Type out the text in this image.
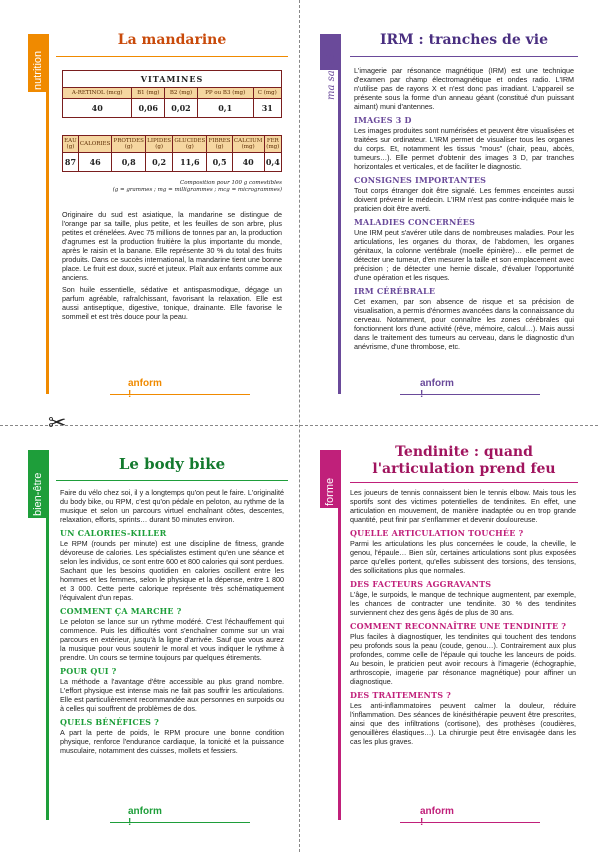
✂
nutrition
La mandarine
VITAMINES				
A-RETINOL (mcg)	B1 (mg)	B2 (mg)	PP ou B3 (mg)	C (mg)
40	0,06	0,02	0,1	31
EAU (g)	CALORIES	PROTIDES (g)	LIPIDES (g)	GLUCIDES (g)	FIBRES (g)	CALCIUM (mg)	FER (mg)
87	46	0,8	0,2	11,6	0,5	40	0,4
Composition pour 100 g comestibles
(g = grammes ; mg = milligrammes ; mcg = microgrammes)

Originaire du sud est asiatique, la mandarine se distingue de l'orange par sa taille, plus petite, et les feuilles de son arbre, plus petites et crénelées. Avec 75 millions de tonnes par an, la production d'agrumes est la production fruitière la plus importante du monde, après le raisin et la banane. Elle représente 30 % du total des fruits produits. Dans ce succès international, la mandarine tient une bonne place. Le fruit est doux, sucré et juteux. Plaît aux enfants comme aux anciens.

Son huile essentielle, sédative et antispasmodique, dégage un parfum agréable, rafraîchissant, favorisant la relaxation. Elle est aussi antiseptique, digestive, tonique, drainante. Elle favorise le sommeil et est très douce pour la peau.

anform !
ma santé
IRM : tranches de vie

L'imagerie par résonance magnétique (IRM) est une technique d'examen par champ électromagnétique et ondes radio. L'IRM n'utilise pas de rayons X et n'est donc pas irradiant. L'appareil se présente sous la forme d'un anneau géant (constitué d'un puissant aimant) muni d'antennes.

IMAGES 3 D

Les images produites sont numérisées et peuvent être visualisées et traitées sur ordinateur. L'IRM permet de visualiser tous les organes du corps. Et, notamment les tissus "mous" (chair, peau, abcès, tumeurs…). Elle permet d'obtenir des images 3 D, par tranches horizontales et verticales, et de faciliter le diagnostic.

CONSIGNES IMPORTANTES

Tout corps étranger doit être signalé. Les femmes enceintes aussi doivent prévenir le médecin. L'IRM n'est pas contre-indiquée mais le praticien doit être averti.

MALADIES CONCERNÉES

Une IRM peut s'avérer utile dans de nombreuses maladies. Pour les articulations, les organes du thorax, de l'abdomen, les organes génitaux, la colonne vertébrale (moelle épinière)… elle permet de détecter une tumeur, d'en mesurer la taille et son emplacement avec précision ; de détecter une hernie discale, d'évaluer l'opportunité d'une opération et les risques.

IRM CÉRÉBRALE

Cet examen, par son absence de risque et sa précision de visualisation, a permis d'énormes avancées dans la connaissance du cerveau. Notamment, pour connaître les zones cérébrales qui fonctionnent lors d'une activité (rêve, mémoire, calcul…). Mais aussi dans le traitement des tumeurs au cerveau, dans le diagnostic d'un anévrisme, d'une thrombose, etc.

anform !
bien-être
Le body bike

Faire du vélo chez soi, il y a longtemps qu'on peut le faire. L'originalité du body bike, ou RPM, c'est qu'on pédale en peloton, au rythme de la musique et selon un parcours virtuel enchaînant côtes, descentes, relaxation, efforts, sprints… durant 50 minutes environ.

UN CALORIES-KILLER

Le RPM (rounds per minute) est une discipline de fitness, grande dévoreuse de calories. Les spécialistes estiment qu'en une séance et selon les individus, ce sont entre 600 et 800 calories qui sont perdues. Sachant que les besoins quotidien en calories oscillent entre les hommes et les femmes, selon le physique et la dépense, entre 1 800 et 3 000. Cette perte calorique représente très schématiquement l'équivalent d'un repas.

COMMENT ÇA MARCHE ?

Le peloton se lance sur un rythme modéré. C'est l'échauffement qui commence. Puis les difficultés vont s'enchaîner comme sur un vrai parcours en extérieur, jusqu'à la ligne d'arrivée. Sauf que vous aurez la musique pour vous soutenir le moral et vous indiquer le rythme à prendre. Un cours se termine toujours par quelques étirements.

POUR QUI ?

La méthode a l'avantage d'être accessible au plus grand nombre. L'effort physique est intense mais ne fait pas souffrir les articulations. Elle est particulièrement recommandée aux personnes en surpoids ou à celles qui souffrent de problèmes de dos.

QUELS BÉNÉFICES ?

A part la perte de poids, le RPM procure une bonne condition physique, renforce l'endurance cardiaque, la tonicité et la puissance musculaire, notamment des cuisses, mollets et fessiers.

anform !
forme
Tendinite : quand
l'articulation prend feu

Les joueurs de tennis connaissent bien le tennis elbow. Mais tous les sportifs sont des victimes potentielles de tendinites. En effet, une articulation en mouvement, de manière inadaptée ou en trop grande quantité, peut finir par s'enflammer et devenir douloureuse.

QUELLE ARTICULATION TOUCHÉE ?

Parmi les articulations les plus concernées le coude, la cheville, le genou, l'épaule… Bien sûr, certaines articulations sont plus exposées parce qu'elles portent, qu'elles subissent des torsions, des tensions, des sollicitations plus que normales.

DES FACTEURS AGGRAVANTS

L'âge, le surpoids, le manque de technique augmentent, par exemple, les chances de contracter une tendinite. 30 % des tendinites surviennent chez des gens âgés de plus de 30 ans.

COMMENT RECONNAÎTRE UNE TENDINITE ?

Plus faciles à diagnostiquer, les tendinites qui touchent des tendons peu profonds sous la peau (coude, genou…). Contrairement aux plus profondes, comme celle de l'épaule qui touche les lanceurs de poids. Au besoin, le praticien peut avoir recours à l'imagerie (échographie, arthroscopie, imagerie par résonance magnétique) pour affiner un diagnostique.

DES TRAITEMENTS ?

Les anti-inflammatoires peuvent calmer la douleur, réduire l'inflammation. Des séances de kinésithérapie peuvent être prescrites, ainsi que des infiltrations (cortisone), des prothèses (coudières, genouillères élastiques…). La chirurgie peut être envisagée dans les cas les plus graves.

anform !
